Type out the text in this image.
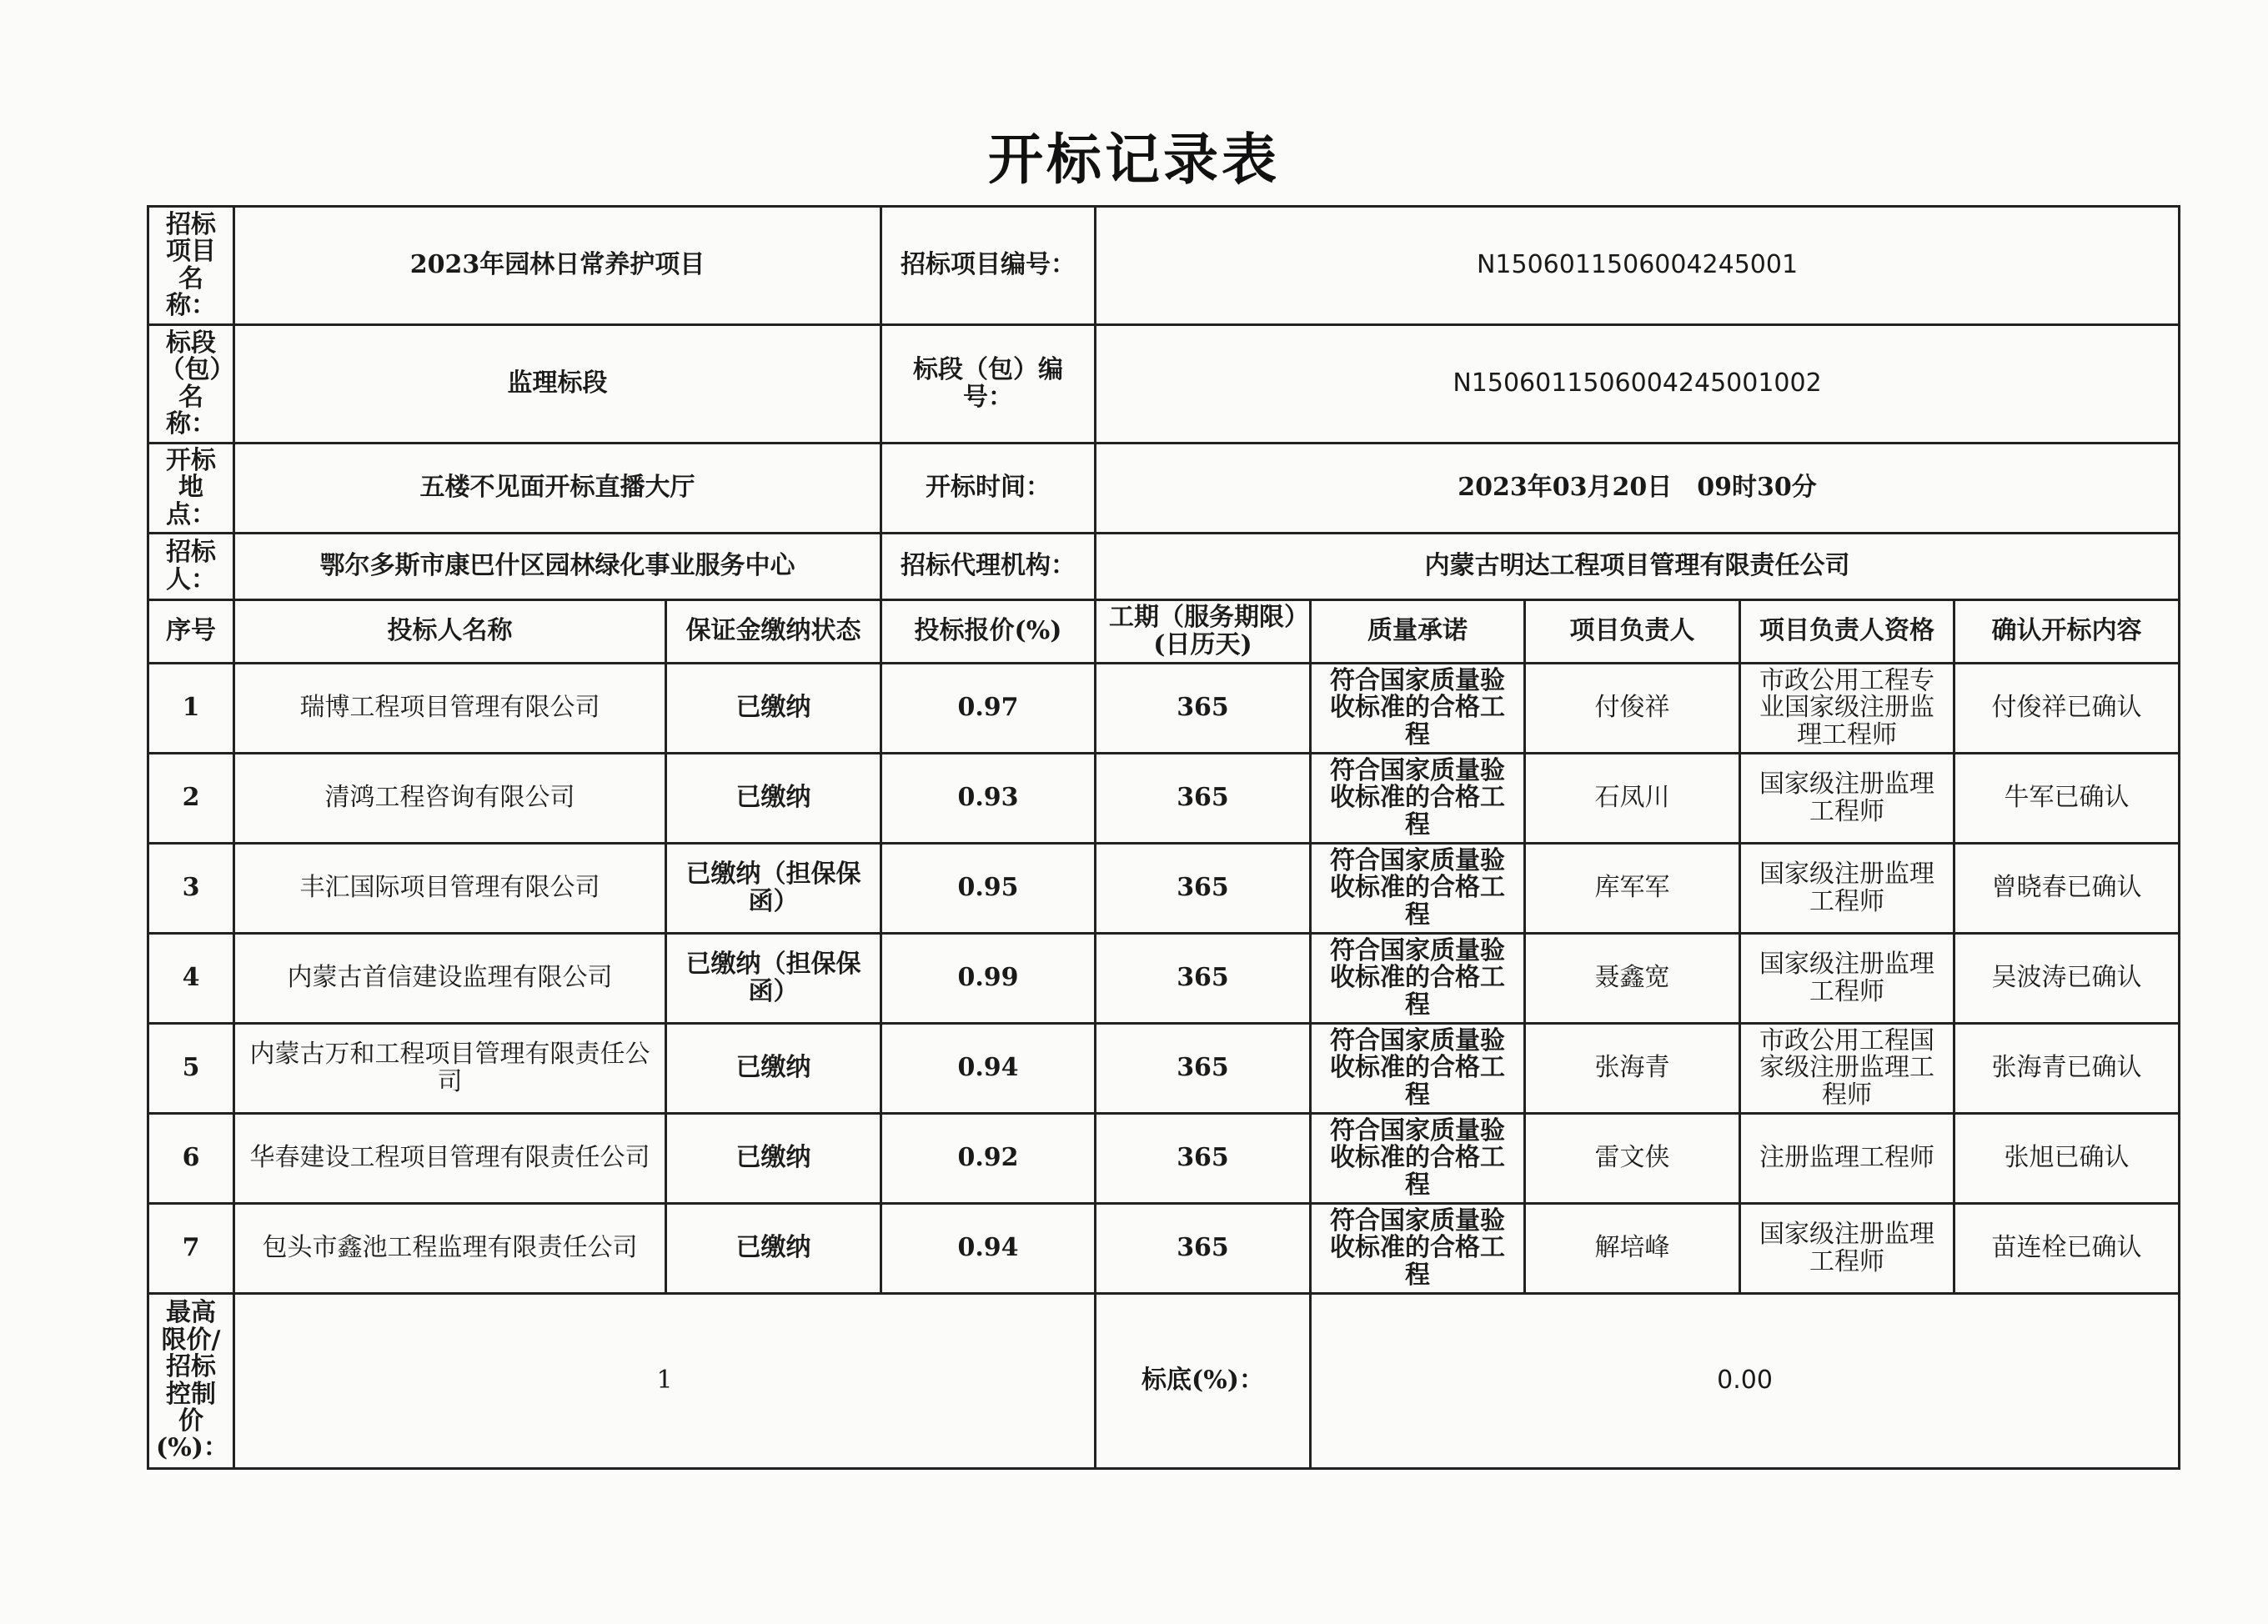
开标记录表
招标项目名称：	2023年园林日常养护项目		招标项目编号：	N1506011506004245001				
标段（包）名称：	监理标段		标段（包）编号：	N1506011506004245001002				
开标地点：	五楼不见面开标直播大厅		开标时间：	2023年03月20日　09时30分				
招标人：	鄂尔多斯市康巴什区园林绿化事业服务中心		招标代理机构：	内蒙古明达工程项目管理有限责任公司				
序号	投标人名称	保证金缴纳状态	投标报价(%)	工期（服务期限）(日历天)	质量承诺	项目负责人	项目负责人资格	确认开标内容
1	瑞博工程项目管理有限公司	已缴纳	0.97	365	符合国家质量验收标准的合格工程	付俊祥	市政公用工程专业国家级注册监理工程师	付俊祥已确认
2	清鸿工程咨询有限公司	已缴纳	0.93	365	符合国家质量验收标准的合格工程	石凤川	国家级注册监理工程师	牛军已确认
3	丰汇国际项目管理有限公司	已缴纳（担保保函）	0.95	365	符合国家质量验收标准的合格工程	库军军	国家级注册监理工程师	曾晓春已确认
4	内蒙古首信建设监理有限公司	已缴纳（担保保函）	0.99	365	符合国家质量验收标准的合格工程	聂鑫宽	国家级注册监理工程师	吴波涛已确认
5	内蒙古万和工程项目管理有限责任公司	已缴纳	0.94	365	符合国家质量验收标准的合格工程	张海青	市政公用工程国家级注册监理工程师	张海青已确认
6	华春建设工程项目管理有限责任公司	已缴纳	0.92	365	符合国家质量验收标准的合格工程	雷文侠	注册监理工程师	张旭已确认
7	包头市鑫池工程监理有限责任公司	已缴纳	0.94	365	符合国家质量验收标准的合格工程	解培峰	国家级注册监理工程师	苗连栓已确认
最高限价/招标控制价(%)：	1			标底(%)：	0.00			
